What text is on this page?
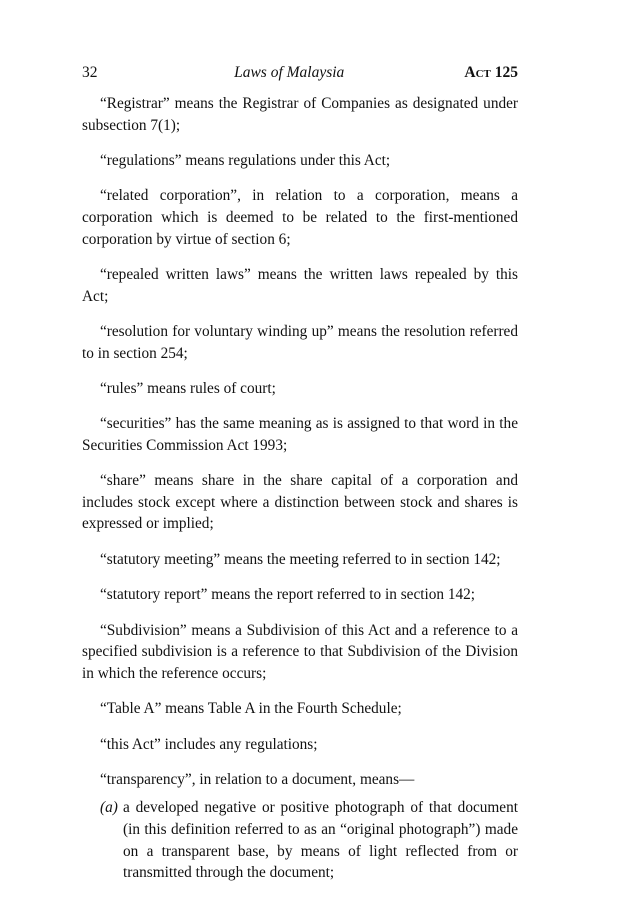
32	Laws of Malaysia	Act 125

“Registrar” means the Registrar of Companies as designated under subsection 7(1);

“regulations” means regulations under this Act;

“related corporation”, in relation to a corporation, means a corporation which is deemed to be related to the first-mentioned corporation by virtue of section 6;

“repealed written laws” means the written laws repealed by this Act;

“resolution for voluntary winding up” means the resolution referred to in section 254;

“rules” means rules of court;

“securities” has the same meaning as is assigned to that word in the Securities Commission Act 1993;

“share” means share in the share capital of a corporation and includes stock except where a distinction between stock and shares is expressed or implied;

“statutory meeting” means the meeting referred to in section 142;

“statutory report” means the report referred to in section 142;

“Subdivision” means a Subdivision of this Act and a reference to a specified subdivision is a reference to that Subdivision of the Division in which the reference occurs;

“Table A” means Table A in the Fourth Schedule;

“this Act” includes any regulations;

“transparency”, in relation to a document, means—

(a) a developed negative or positive photograph of that document (in this definition referred to as an “original photograph”) made on a transparent base, by means of light reflected from or transmitted through the document;
